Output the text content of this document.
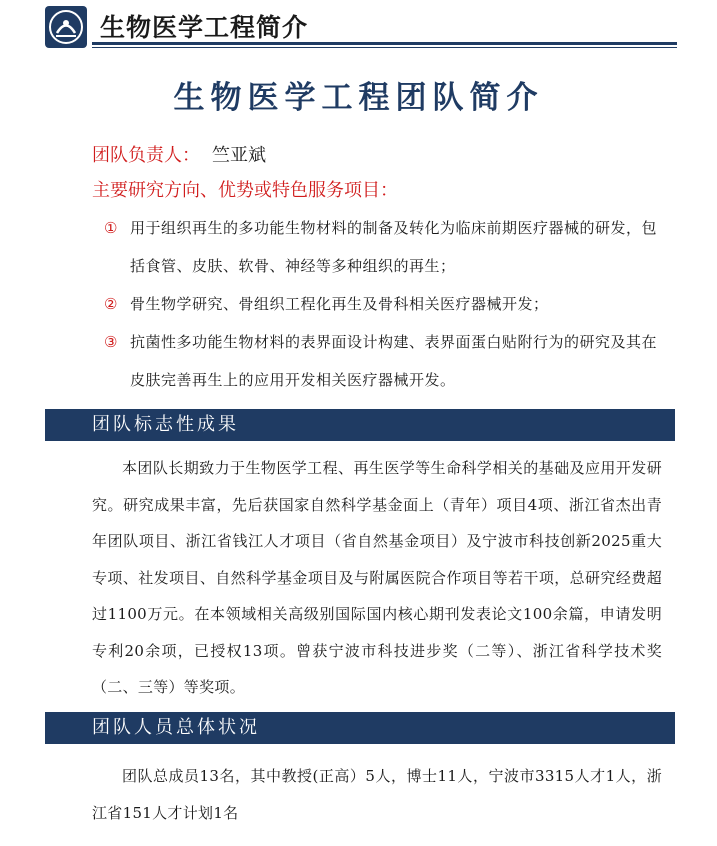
生物医学工程简介
生物医学工程团队简介
团队负责人： 竺亚斌
主要研究方向、优势或特色服务项目：
① 用于组织再生的多功能生物材料的制备及转化为临床前期医疗器械的研发，包括食管、皮肤、软骨、神经等多种组织的再生；
② 骨生物学研究、骨组织工程化再生及骨科相关医疗器械开发；
③ 抗菌性多功能生物材料的表界面设计构建、表界面蛋白贴附行为的研究及其在皮肤完善再生上的应用开发相关医疗器械开发。
团队标志性成果
本团队长期致力于生物医学工程、再生医学等生命科学相关的基础及应用开发研究。研究成果丰富，先后获国家自然科学基金面上（青年）项目4项、浙江省杰出青年团队项目、浙江省钱江人才项目（省自然基金项目）及宁波市科技创新2025重大专项、社发项目、自然科学基金项目及与附属医院合作项目等若干项，总研究经费超过1100万元。在本领域相关高级别国际国内核心期刊发表论文100余篇，申请发明专利20余项，已授权13项。曾获宁波市科技进步奖（二等）、浙江省科学技术奖（二、三等）等奖项。
团队人员总体状况
团队总成员13名，其中教授(正高）5人，博士11人，宁波市3315人才1人，浙江省151人才计划1名
